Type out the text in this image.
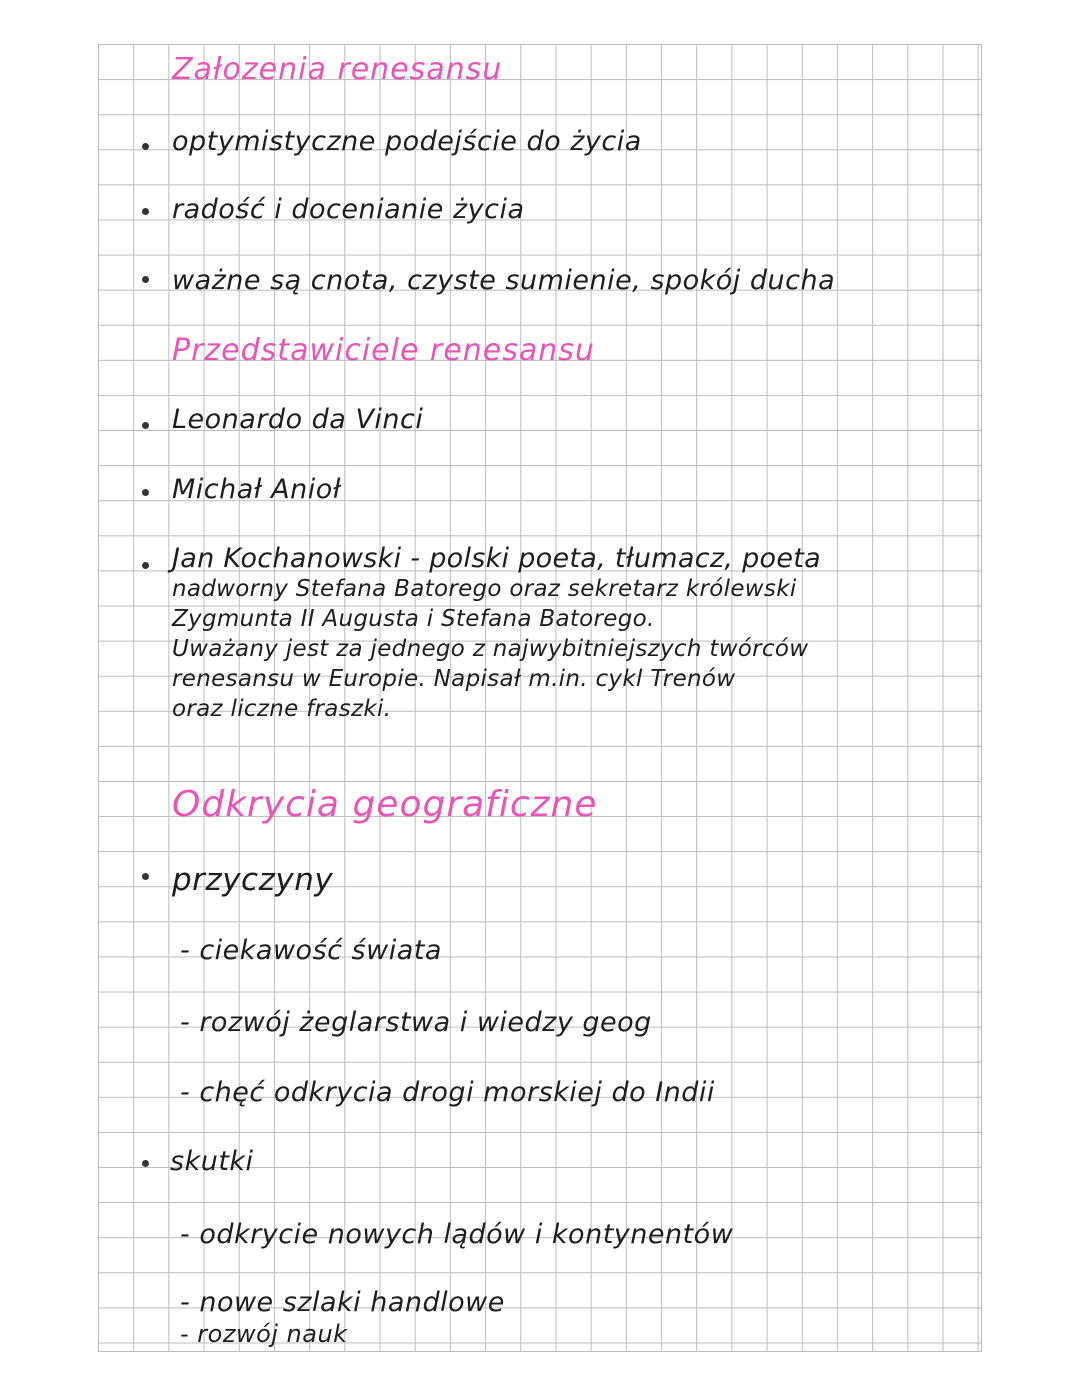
Załozenia renesansu
optymistyczne podejście do życia
radość i docenianie życia
ważne są cnota, czyste sumienie, spokój ducha
Przedstawiciele renesansu
Leonardo da Vinci
Michał Anioł
Jan Kochanowski - polski poeta, tłumacz, poeta
nadworny Stefana Batorego oraz sekretarz królewski
Zygmunta II Augusta i Stefana Batorego.
Uważany jest za jednego z najwybitniejszych twórców
renesansu w Europie. Napisał m.in. cykl Trenów
oraz liczne fraszki.
Odkrycia geograficzne
przyczyny
- ciekawość świata
- rozwój żeglarstwa i wiedzy geog
- chęć odkrycia drogi morskiej do Indii
skutki
- odkrycie nowych lądów i kontynentów
- nowe szlaki handlowe
- rozwój nauk
